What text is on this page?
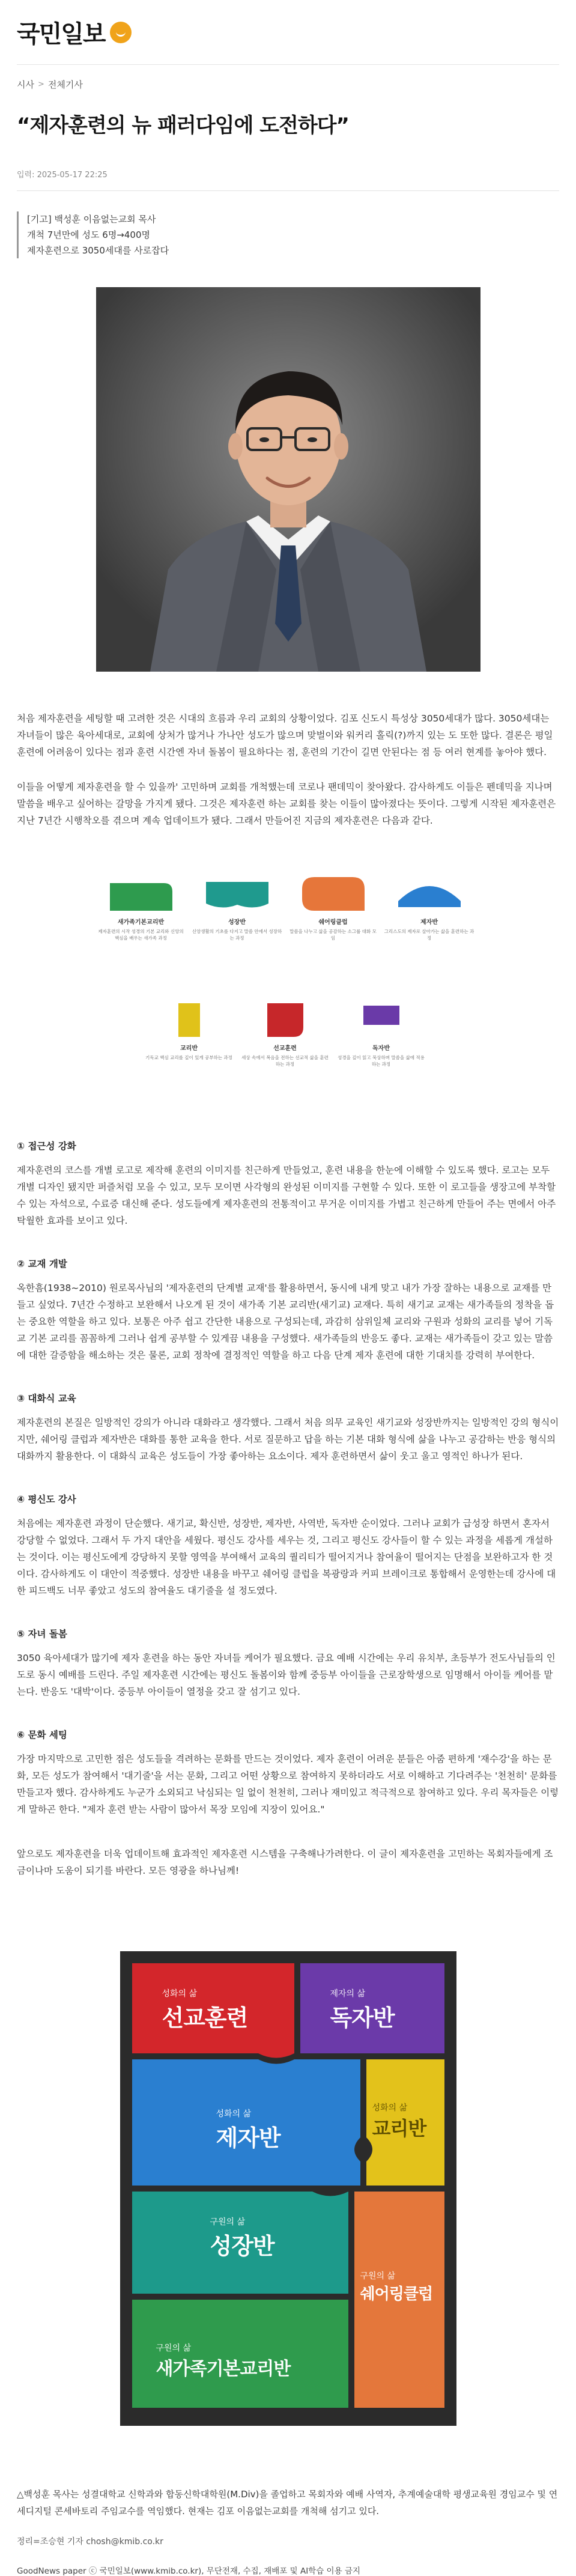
국민일보
시사 > 전체기사
“제자훈련의 뉴 패러다임에 도전하다”
입력: 2025-05-17 22:25
[기고] 백성훈 이음없는교회 목사
개척 7년만에 성도 6명→400명
제자훈련으로 3050세대를 사로잡다

처음 제자훈련을 세팅할 때 고려한 것은 시대의 흐름과 우리 교회의 상황이었다. 김포 신도시 특성상 3050세대가 많다. 3050세대는 자녀들이 많은 육아세대로, 교회에 상처가 많거나 가나안 성도가 많으며 맞벌이와 워커리 홀릭(?)까지 있는 도 또한 많다. 결론은 평일 훈련에 어려움이 있다는 점과 훈련 시간엔 자녀 돌봄이 필요하다는 점, 훈련의 기간이 길면 안된다는 점 등 여러 현계를 놓아야 했다.

이들을 어떻게 제자훈련을 할 수 있을까' 고민하며 교회를 개척했는데 코로나 팬데믹이 찾아왔다. 감사하게도 이들은 펜데믹을 지나며 말씀을 배우고 싶어하는 갈망을 가지게 됐다. 그것은 제자훈련 하는 교회를 찾는 이들이 많아졌다는 뜻이다. 그렇게 시작된 제자훈련은 지난 7년간 시행착오를 겪으며 계속 업데이트가 됐다. 그래서 만들어진 지금의 제자훈련은 다음과 같다.

새가족기본교리반
제자훈련의 시작 성경의 기본 교리와 신앙의 핵심을 배우는 새가족 과정
성장반
신앙생활의 기초를 다지고 말씀 안에서 성장하는 과정
쉐어링클럽
말씀을 나누고 삶을 공감하는 소그룹 대화 모임
제자반
그리스도의 제자로 살아가는 삶을 훈련하는 과정
교리반
기독교 핵심 교리를 깊이 있게 공부하는 과정
선교훈련
세상 속에서 복음을 전하는 선교적 삶을 훈련하는 과정
독자반
성경을 깊이 읽고 묵상하며 말씀을 삶에 적용하는 과정
① 접근성 강화

제자훈련의 코스를 개별 로고로 제작해 훈련의 이미지를 친근하게 만들었고, 훈련 내용을 한눈에 이해할 수 있도록 했다. 로고는 모두 개별 디자인 됐지만 퍼즐처럼 모을 수 있고, 모두 모이면 사각형의 완성된 이미지를 구현할 수 있다. 또한 이 로고들을 생장고에 부착할 수 있는 자석으로, 수료증 대신해 준다. 성도들에게 제자훈련의 전통적이고 무거운 이미지를 가볍고 친근하게 만들어 주는 면에서 아주 탁월한 효과를 보이고 있다.

② 교재 개발

옥한흠(1938~2010) 원로목사님의 '제자훈련의 단계별 교재'를 활용하면서, 동시에 내게 맞고 내가 가장 잘하는 내용으로 교재를 만들고 싶었다. 7년간 수정하고 보완해서 나오게 된 것이 새가족 기본 교리반(새기교) 교재다. 특히 새기교 교재는 새가족들의 정착을 돕는 중요한 역할을 하고 있다. 보통은 아주 쉽고 간단한 내용으로 구성되는데, 과감히 삼위일체 교리와 구원과 성화의 교리를 넣어 기독교 기본 교리를 꼼꼼하게 그러나 쉽게 공부할 수 있게끔 내용을 구성했다. 새가족들의 반응도 좋다. 교재는 새가족들이 갖고 있는 말씀에 대한 갈증함을 해소하는 것은 물론, 교회 정착에 결정적인 역할을 하고 다음 단계 제자 훈련에 대한 기대치를 강력히 부여한다.

③ 대화식 교육

제자훈련의 본질은 일방적인 강의가 아니라 대화라고 생각했다. 그래서 처음 의무 교육인 새기교와 성장반까지는 일방적인 강의 형식이지만, 쉐어링 클럽과 제자반은 대화를 통한 교육을 한다. 서로 질문하고 답을 하는 기본 대화 형식에 삶을 나누고 공감하는 반응 형식의 대화까지 활용한다. 이 대화식 교육은 성도들이 가장 좋아하는 요소이다. 제자 훈련하면서 삶이 웃고 울고 영적인 하나가 된다.

④ 평신도 강사

처음에는 제자훈련 과정이 단순했다. 새기교, 확신반, 성장반, 제자반, 사역반, 독자반 순이었다. 그러나 교회가 급성장 하면서 혼자서 강당할 수 없었다. 그래서 두 가지 대안을 세웠다. 평신도 강사를 세우는 것, 그리고 평신도 강사들이 할 수 있는 과정을 세롭게 개설하는 것이다. 이는 평신도에게 강당하지 못할 영역을 부여해서 교육의 퀄리티가 떨어지거나 참여율이 떨어지는 단점을 보완하고자 한 것이다. 감사하게도 이 대안이 적중했다. 성장반 내용을 바꾸고 쉐어링 클럽을 복광랑과 커피 브레이크로 통합해서 운영한는데 강사에 대한 피드백도 너무 좋았고 성도의 참여율도 대기줄을 설 정도였다.

⑤ 자녀 돌봄

3050 육아세대가 많기에 제자 훈련을 하는 동안 자녀들 케어가 필요했다. 금요 예배 시간에는 우리 유치부, 초등부가 전도사님들의 인도로 동시 예배를 드린다. 주일 제자훈련 시간에는 평신도 돌봄이와 함께 중등부 아이들을 근로장학생으로 임명해서 아이들 케어를 맡는다. 반응도 '대박'이다. 중등부 아이들이 열정을 갖고 잘 섬기고 있다.

⑥ 문화 세팅

가장 마지막으로 고민한 점은 성도들을 격려하는 문화를 만드는 것이었다. 제자 훈련이 어려운 분들은 아줌 편하게 '재수강'을 하는 문화, 모든 성도가 참여해서 '대기줄'을 서는 문화, 그리고 어떤 상황으로 참여하지 못하더라도 서로 이해하고 기다려주는 '천천히' 문화를 만들고자 했다. 감사하게도 누군가 소외되고 낙심되는 일 없이 천천히, 그러나 재미있고 적극적으로 참여하고 있다. 우리 목자들은 이렇게 말하곤 한다. "제자 훈련 받는 사람이 많아서 목장 모임에 지장이 있어요."

앞으로도 제자훈련을 더욱 업데이트해 효과적인 제자훈련 시스템을 구축해나가려한다. 이 글이 제자훈련을 고민하는 목회자들에게 조금이나마 도움이 되기를 바란다. 모든 영광을 하나님께!

성화의 삶
선교훈련
제자의 삶
독자반
성화의 삶
제자반
성화의 삶
교리반
구원의 삶
성장반
구원의 삶
쉐어링클럽
구원의 삶
새가족기본교리반

△백성훈 목사는 성결대학교 신학과와 합동신학대학원(M.Div)을 졸업하고 목회자와 예배 사역자, 추계예술대학 평생교육원 경임교수 및 연세디지털 콘세바토리 주임교수를 역임했다. 현재는 김포 이음없는교회를 개척해 섬기고 있다.

정리=조승현 기자 chosh@kmib.co.kr
GoodNews paper ⓒ 국민일보(www.kmib.co.kr), 무단전재, 수집, 재배포 및 AI학습 이용 금지
